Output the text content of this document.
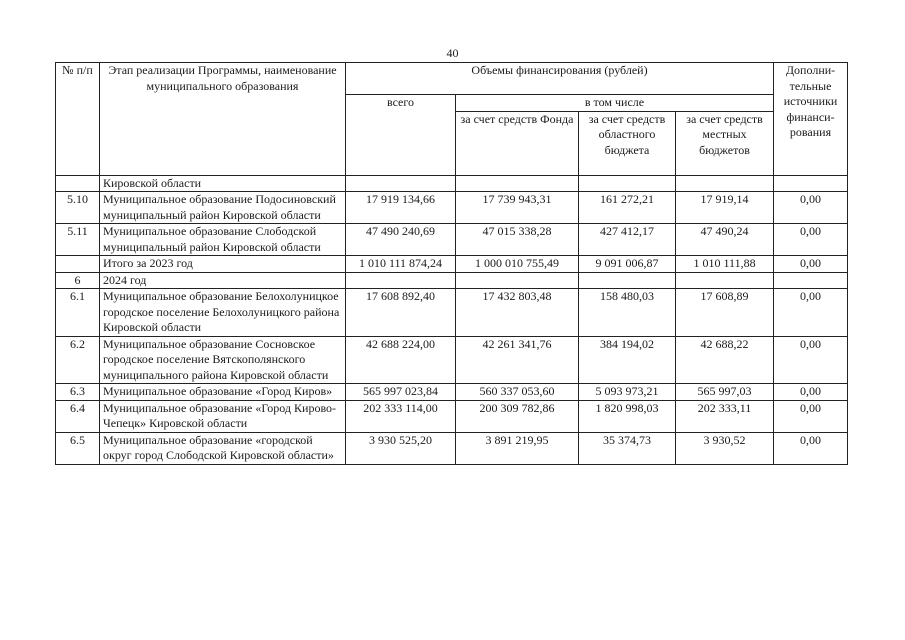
40
№ п/п	Этап реализации Программы, наименование муниципального образования	Объемы финансирования (рублей)				Дополни-тельные источники финанси-рования
		всего	в том числе			
			за счет средств Фонда	за счет средств областного бюджета	за счет средств местных бюджетов	
	Кировской области					
5.10	Муниципальное образование Подосиновский муниципальный район Кировской области	17 919 134,66	17 739 943,31	161 272,21	17 919,14	0,00
5.11	Муниципальное образование Слободской муниципальный район Кировской области	47 490 240,69	47 015 338,28	427 412,17	47 490,24	0,00
	Итого за 2023 год	1 010 111 874,24	1 000 010 755,49	9 091 006,87	1 010 111,88	0,00
6	2024 год					
6.1	Муниципальное образование Белохолуницкое городское поселение Белохолуницкого района Кировской области	17 608 892,40	17 432 803,48	158 480,03	17 608,89	0,00
6.2	Муниципальное образование Сосновское городское поселение Вятскополянского муниципального района Кировской области	42 688 224,00	42 261 341,76	384 194,02	42 688,22	0,00
6.3	Муниципальное образование «Город Киров»	565 997 023,84	560 337 053,60	5 093 973,21	565 997,03	0,00
6.4	Муниципальное образование «Город Кирово-Чепецк» Кировской области	202 333 114,00	200 309 782,86	1 820 998,03	202 333,11	0,00
6.5	Муниципальное образование «городской округ город Слободской Кировской области»	3 930 525,20	3 891 219,95	35 374,73	3 930,52	0,00
